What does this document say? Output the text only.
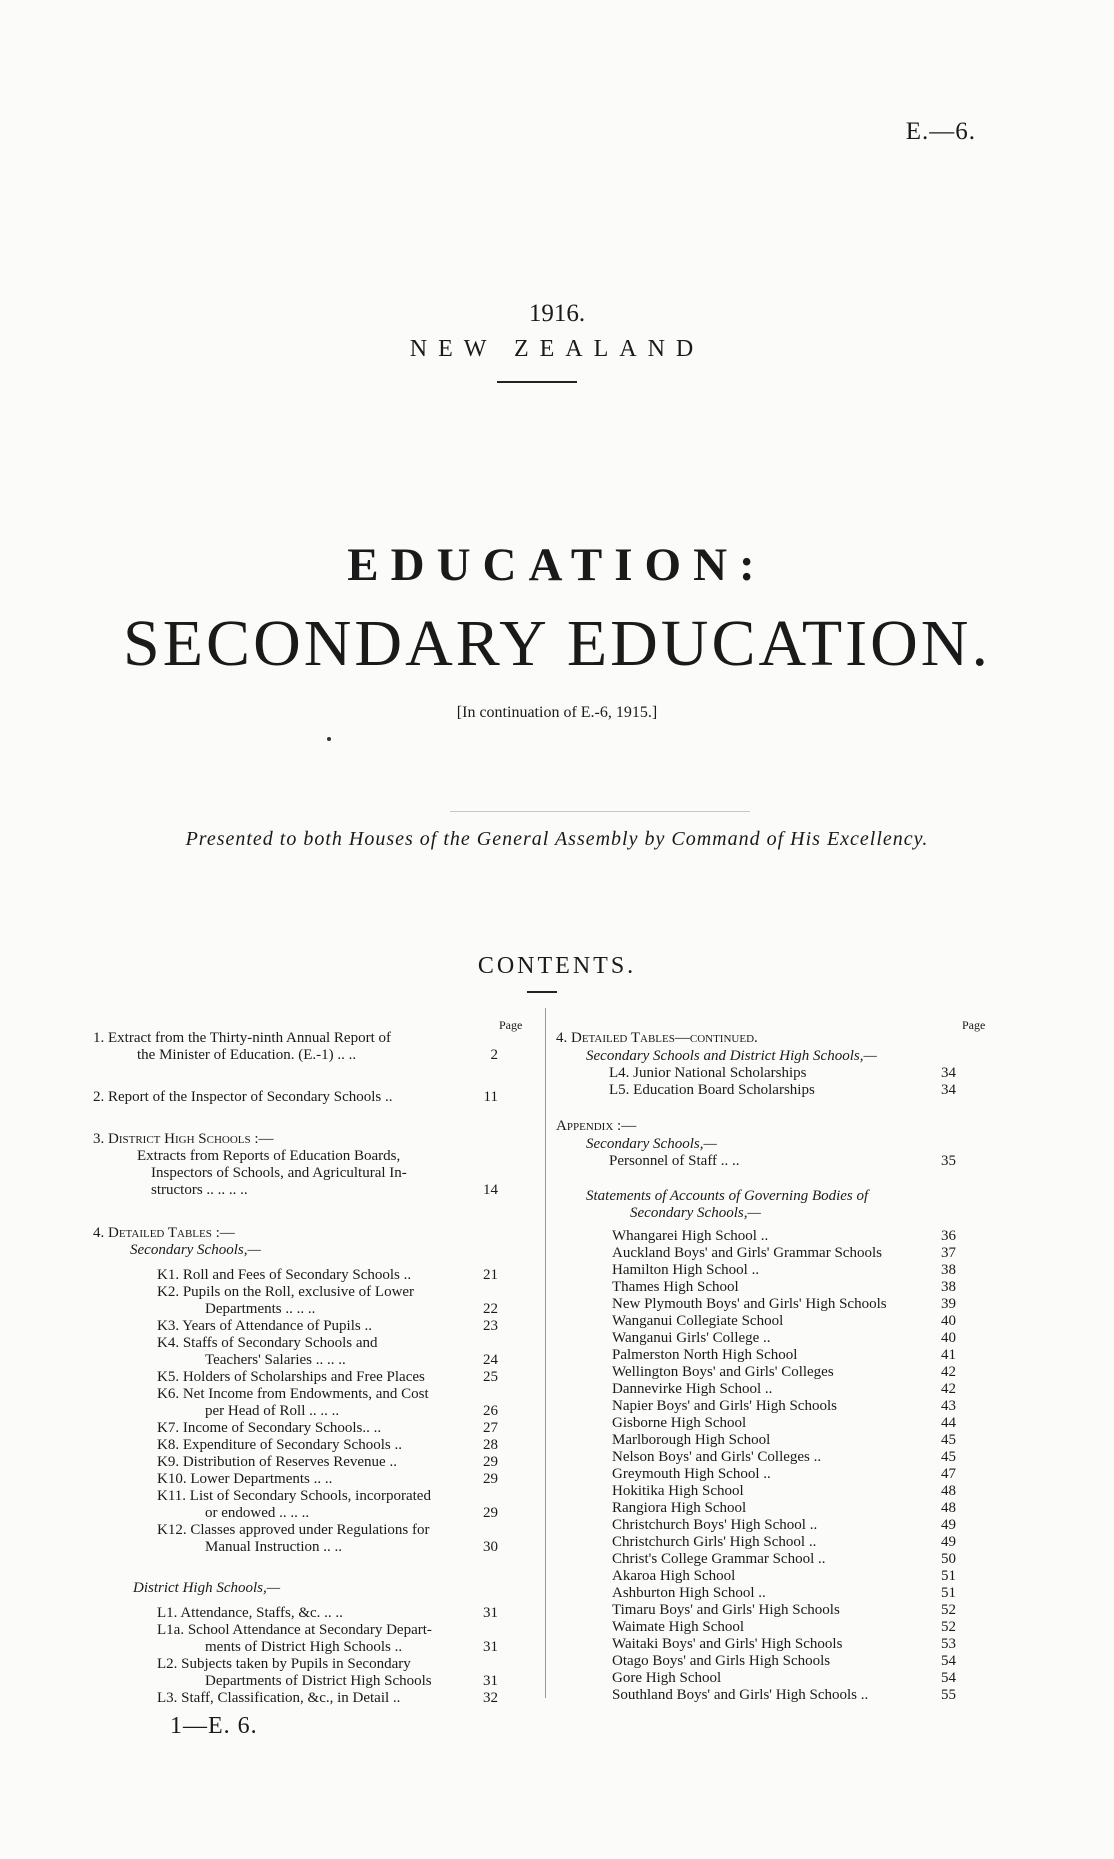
E.—6.
1916.
NEW ZEALAND
EDUCATION:
SECONDARY EDUCATION.
[In continuation of E.-6, 1915.]
Presented to both Houses of the General Assembly by Command of His Excellency.
CONTENTS.
Page	Page
1. Extract from the Thirty-ninth Annual Report of
the Minister of Education. (E.-1) .. ..	2
2. Report of the Inspector of Secondary Schools ..	11
3. District High Schools :—
Extracts from Reports of Education Boards,
Inspectors of Schools, and Agricultural In-
structors .. .. .. ..	14
4. Detailed Tables :—
Secondary Schools,—
K1. Roll and Fees of Secondary Schools ..	21
K2. Pupils on the Roll, exclusive of Lower
Departments .. .. ..	22
K3. Years of Attendance of Pupils ..	23
K4. Staffs of Secondary Schools and
Teachers' Salaries .. .. ..	24
K5. Holders of Scholarships and Free Places	25
K6. Net Income from Endowments, and Cost
per Head of Roll .. .. ..	26
K7. Income of Secondary Schools.. ..	27
K8. Expenditure of Secondary Schools ..	28
K9. Distribution of Reserves Revenue ..	29
K10. Lower Departments .. ..	29
K11. List of Secondary Schools, incorporated
or endowed .. .. ..	29
K12. Classes approved under Regulations for
Manual Instruction .. ..	30
District High Schools,—
L1. Attendance, Staffs, &c. .. ..	31
L1a. School Attendance at Secondary Depart-
ments of District High Schools ..	31
L2. Subjects taken by Pupils in Secondary
Departments of District High Schools	31
L3. Staff, Classification, &c., in Detail ..	32
4. Detailed Tables—continued.
Secondary Schools and District High Schools,—
L4. Junior National Scholarships	34
L5. Education Board Scholarships	34
Appendix :—
Secondary Schools,—
Personnel of Staff .. ..	35
Statements of Accounts of Governing Bodies of
Secondary Schools,—
Whangarei High School ..	36
Auckland Boys' and Girls' Grammar Schools	37
Hamilton High School ..	38
Thames High School	38
New Plymouth Boys' and Girls' High Schools	39
Wanganui Collegiate School	40
Wanganui Girls' College ..	40
Palmerston North High School	41
Wellington Boys' and Girls' Colleges	42
Dannevirke High School ..	42
Napier Boys' and Girls' High Schools	43
Gisborne High School	44
Marlborough High School	45
Nelson Boys' and Girls' Colleges ..	45
Greymouth High School ..	47
Hokitika High School	48
Rangiora High School	48
Christchurch Boys' High School ..	49
Christchurch Girls' High School ..	49
Christ's College Grammar School ..	50
Akaroa High School	51
Ashburton High School ..	51
Timaru Boys' and Girls' High Schools	52
Waimate High School	52
Waitaki Boys' and Girls' High Schools	53
Otago Boys' and Girls High Schools	54
Gore High School	54
Southland Boys' and Girls' High Schools ..	55
1—E. 6.
